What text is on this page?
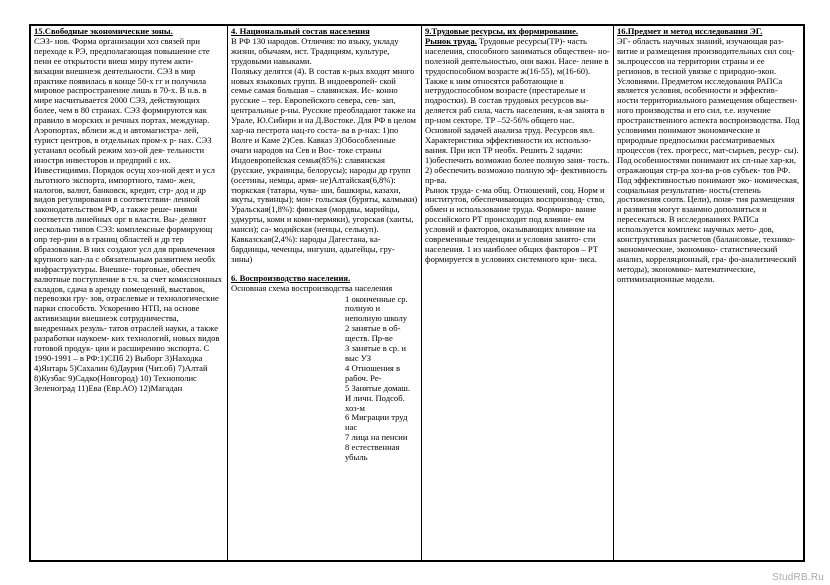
15.Свободные экономические зоны.
СЭЗ- нов. Форма организации хоз связей при переходе к РЭ, предполагающая повышение сте пени ее открытости внеш миру путем акти- визации внешнеэк деятельности. СЭЗ в мир практике появилась в конце 50-х гг и получила мировое распространение лишь в 70-х. В н.в. в мире насчитывается 2000 СЭЗ, действующих более, чем в 80 странах. СЭЗ формируются как правило в морских и речных портах, междунар. Аэропортах, вблизи ж.д и автомагистра- лей, турист центров, в отдельных пром-х р- нах. СЭЗ устанавл особый режим хоз-ой дея- тельности инострв инвесторов и предприй с их. Инвестициями. Порядок осущ хоз-ной деят и усл льготного экспорта, импортного, тамо- жен, налогов, валют, банковск, кредит, стр- дод и др видов регулирования в соответствии- ленной законодательством РФ, а также реше- ниями соответств линейных орг в власти. Вы- деляют несколько типов СЭЗ: комплексные формирующ опр тер-рии в в границ областей и др тер образования. В них создают усл для привлечения крупного кап-ла с обязательным развитием необх инфраструктуры. Внешне- торговые, обеспеч валютные поступление в т.ч. за счет комиссионных складов, сдача в аренду помещений, выставок, перевозки гру- зов, отраслевые и технологические парки способств. Ускорению НТП, на основе активизации внешнеэк сотрудничества, внедренных резуль- татов отраслей науки, а также разработки наукоем- ких технологий, новых видов готовой продук- ции и расширению экспорта. С 1990-1991 – в РФ:1)СПб 2) Выборг 3)Находка 4)Янтарь 5)Сахалин 6)Даурия (Чит.об) 7)Алтай 8)Кузбас 9)Садко(Новгород) 10) Технополис Зеленоград 11)Ева (Евр.АО) 12)Магадан
4. Национальный состав населения
В РФ 130 народов. Отличия: по языку, укладу жизни, обычаям, ист. Традициям, культуре, трудовыми навыками.
Поляьку делятся (4). В состав к-рых входят много новых языковых групп. В индоевропей- ской семье самая большая – славянская. Ис- конно русские – тер. Европейского севера, сев- зап, центральные р-ны. Русские преобладают также на Урале, Ю.Сибири и на Д.Востоке. Для РФ в целом хар-на пестрота нац-го соста- ва в р-нах: 1)по Волге и Каме 2)Сев. Кавказ 3)Обособленные очаги народов на Сев и Вос- токе страны Индоевропейская семья(85%): славянская (русские, украинцы, белорусы); народы др групп (осетины, немцы, армя- не)Алтайская(6,8%): тюркская (татары, чува- ши, башкиры, казахи, якуты, тувинцы); мон- гольская (буряты, калмыки) Уральская(1,8%): финская (мордвы, марийцы, удмурты, коми и коми-пермяки), угорская (ханты, манси); са- модийская (ненцы, селькуп). Кавказская(2,4%): народы Дагестана, ка- бардинцы, чеченцы, ингуши, адыгейцы, гру- зины)
6. Воспроизводство населения.
Основная схема воспроизводства населения
1 оконченные ср. полную и неполную школу
2 занятые в об- ществ. Пр-ве
3 занятые в ср. и выс УЗ
4 Отношения в рабоч. Ре-
5 Занятые домаш. И личн. Подсоб. хоз-м
6 Миграции труд нас
7 лица на пенсии
8 естественная убыль
9.Трудовые ресурсы, их формирование.
Рынок труда. Трудовые ресурсы(ТР)- часть населения, способного заниматься обществен- но-полезной деятельностью, они важн. Насе- ление в трудоспособном возрасте ж(16-55), м(16-60). Также к ним относятся работающие в нетрудоспособном возрасте (престарелые и подростки). В состав трудовых ресурсов вы- деляется раб сила, часть населения, к-ая занята в пр-ном секторе. ТР –52-56% общего нас. Основной задачей анализа труд. Ресурсов явл. Характеристика эффективности их использо- вания. При исп ТР необх. Решить 2 задачи: 1)обеспечить возможно более полную заня- тость. 2) обеспечить возможно полную эф- фективность пр-ва.
Рынок труда- с-ма общ. Отношений, соц. Норм и институтов, обеспечивающих воспроизвод- ство, обмен и использование труда. Формиро- вание российского РТ происходит под влияни- ем условий и факторов, оказывающих влияние на современные тенденции и условия занято- сти населения. 1 из наиболее общих факторов – РТ формируется в условиях системного кри- зиса.
16.Предмет и метод исследования ЭГ.
ЭГ- область научных знаний, изучающая раз- витие и размещения производительных сил соц-эк.процессов на территории страны и ее регионов, в тесной увязке с природно-экон. Условиями. Предметом исследования РАПСа является условия, особенности и эффектив- ности территориального размещения обществен- ного производства и его сил, т.е. изучение пространственного аспекта воспроизводства. Под условиями понимают экономические и природные предпосылки рассматриваемых процессов (тех. прогресс, мат-сырьев, ресур- сы). Под особенностями понимают их сп-ные хар-ки, отражающая стр-ра хоз-ва р-ов субъек- тов РФ. Под эффективностью понимают эко- номическая, социальная результатив- ность(степень достижения соотв. Цели), поня- тия размещения и развития могут взаимно дополняться и пересекаться. В исследованиях РАПСа используется комплекс научных мето- дов, конструктивных расчетов (балансовые, технико-экономические, экономико- статистический анализ, корреляционный, гра- фо-аналитический методы), экономико- математические, оптимизационные модели.
StudRB.Ru
